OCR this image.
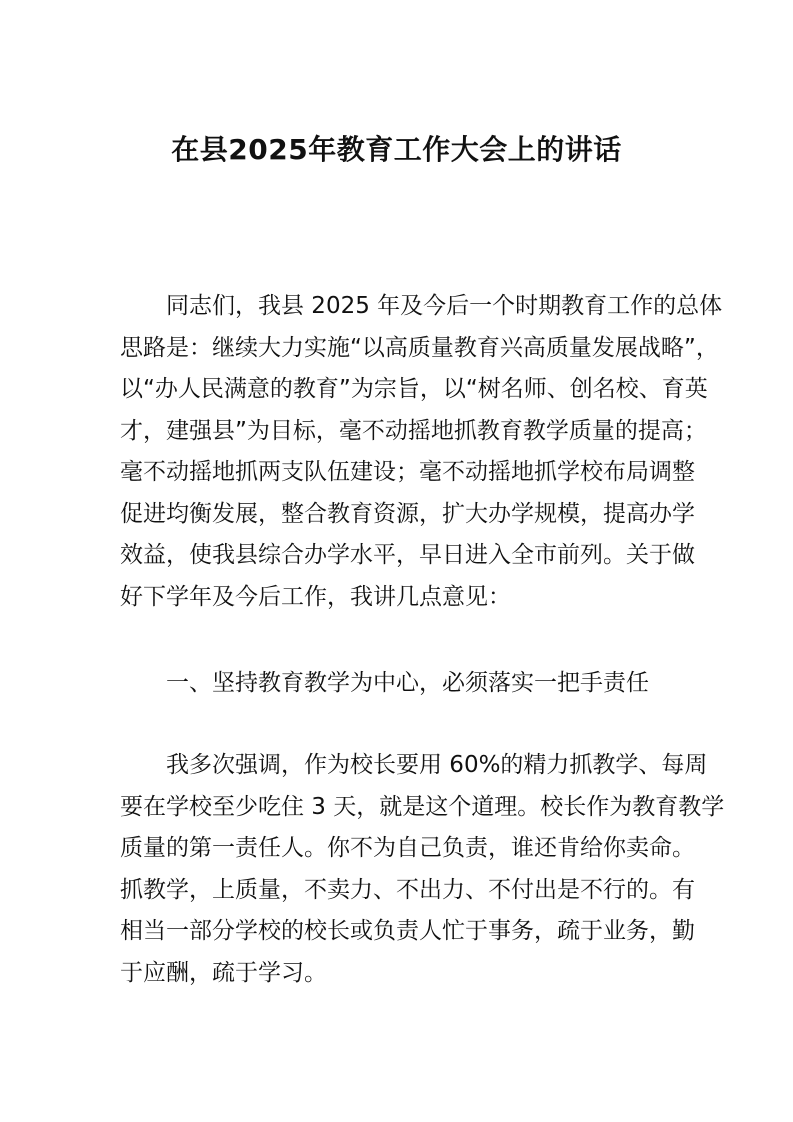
在县2025年教育工作大会上的讲话
同志们，我县 2025 年及今后一个时期教育工作的总体
思路是：继续大力实施“以高质量教育兴高质量发展战略”，
以“办人民满意的教育”为宗旨，以“树名师、创名校、育英
才，建强县”为目标，毫不动摇地抓教育教学质量的提高；
毫不动摇地抓两支队伍建设；毫不动摇地抓学校布局调整
促进均衡发展，整合教育资源，扩大办学规模，提高办学
效益，使我县综合办学水平，早日进入全市前列。关于做
好下学年及今后工作，我讲几点意见：
一、坚持教育教学为中心，必须落实一把手责任
我多次强调，作为校长要用 60%的精力抓教学、每周
要在学校至少吃住 3 天，就是这个道理。校长作为教育教学
质量的第一责任人。你不为自己负责，谁还肯给你卖命。
抓教学，上质量，不卖力、不出力、不付出是不行的。有
相当一部分学校的校长或负责人忙于事务，疏于业务，勤
于应酬，疏于学习。
